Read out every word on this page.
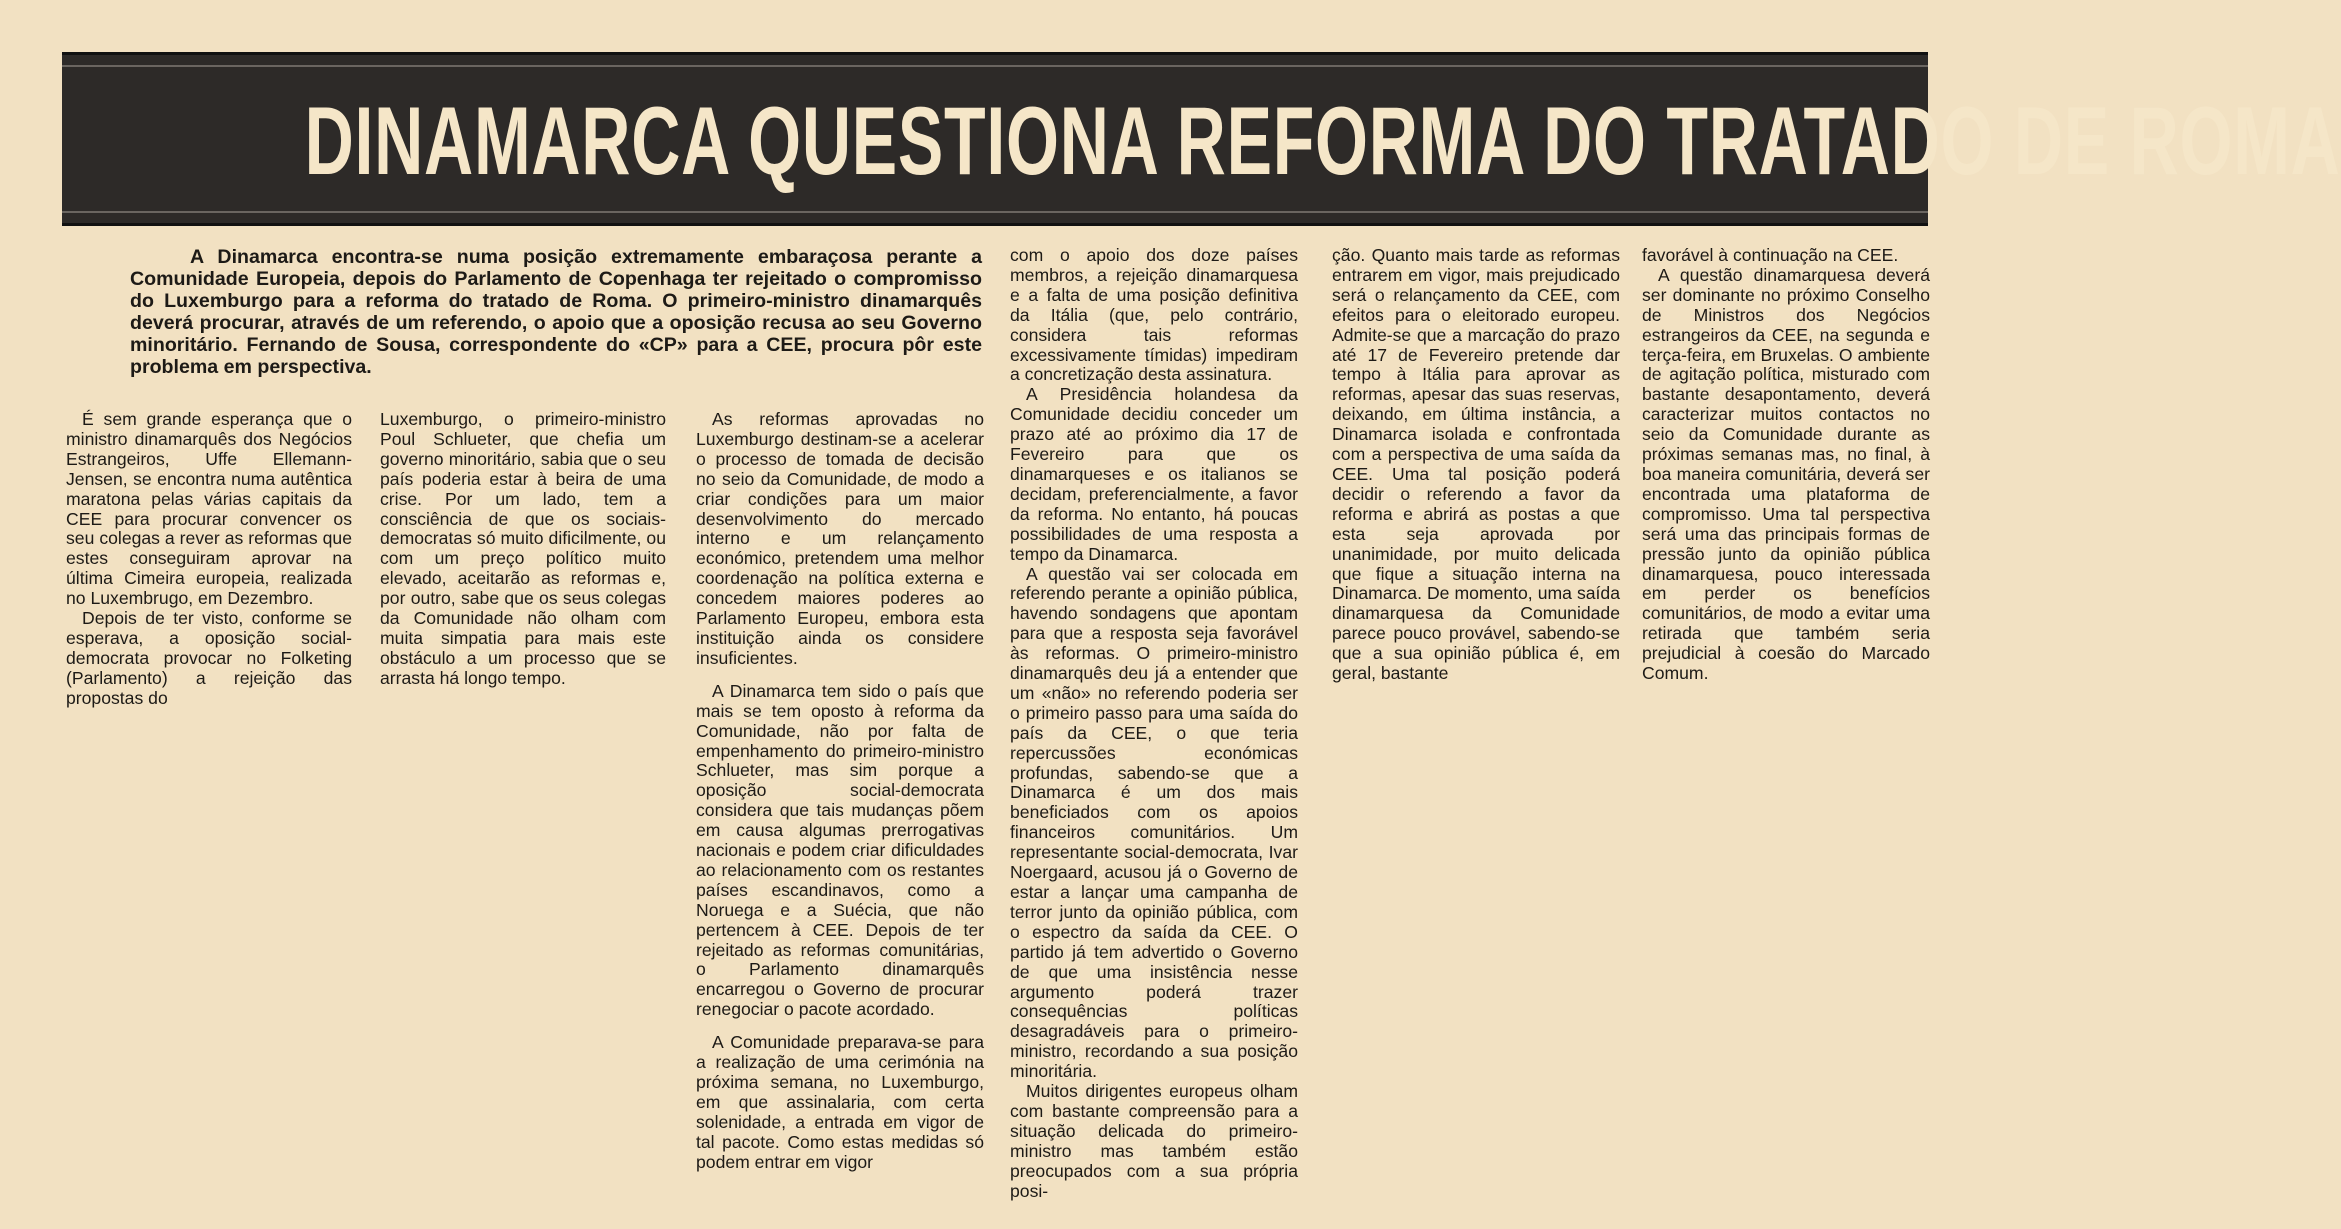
DINAMARCA QUESTIONA REFORMA DO TRATADO DE ROMA
A Dinamarca encontra-se numa posição extremamente embaraçosa perante a Comunidade Europeia, depois do Parlamento de Copenhaga ter rejeitado o compromisso do Luxemburgo para a reforma do tratado de Roma. O primeiro-ministro dinamarquês deverá procurar, através de um referendo, o apoio que a oposição recusa ao seu Governo minoritário. Fernando de Sousa, correspondente do «CP» para a CEE, procura pôr este problema em perspectiva.

É sem grande esperança que o ministro dinamarquês dos Negócios Estrangeiros, Uffe Ellemann-Jensen, se encontra numa autêntica maratona pelas várias capitais da CEE para procurar convencer os seu colegas a rever as reformas que estes conseguiram aprovar na última Cimeira europeia, realizada no Luxembrugo, em Dezembro.

Depois de ter visto, conforme se esperava, a oposição social-democrata provocar no Folketing (Parlamento) a rejeição das propostas do

Luxemburgo, o primeiro-ministro Poul Schlueter, que chefia um governo minoritário, sabia que o seu país poderia estar à beira de uma crise. Por um lado, tem a consciência de que os sociais-democratas só muito dificilmente, ou com um preço político muito elevado, aceitarão as reformas e, por outro, sabe que os seus colegas da Comunidade não olham com muita simpatia para mais este obstáculo a um processo que se arrasta há longo tempo.

As reformas aprovadas no Luxemburgo destinam-se a acelerar o processo de tomada de decisão no seio da Comunidade, de modo a criar condições para um maior desenvolvimento do mercado interno e um relançamento económico, pretendem uma melhor coordenação na política externa e concedem maiores poderes ao Parlamento Europeu, embora esta instituição ainda os considere insuficientes.

A Dinamarca tem sido o país que mais se tem oposto à reforma da Comunidade, não por falta de empenhamento do primeiro-ministro Schlueter, mas sim porque a oposição social-democrata considera que tais mudanças põem em causa algumas prerrogativas nacionais e podem criar dificuldades ao relacionamento com os restantes países escandinavos, como a Noruega e a Suécia, que não pertencem à CEE. Depois de ter rejeitado as reformas comunitárias, o Parlamento dinamarquês encarregou o Governo de procurar renegociar o pacote acordado.

A Comunidade preparava-se para a realização de uma cerimónia na próxima semana, no Luxemburgo, em que assinalaria, com certa solenidade, a entrada em vigor de tal pacote. Como estas medidas só podem entrar em vigor

com o apoio dos doze países membros, a rejeição dinamarquesa e a falta de uma posição definitiva da Itália (que, pelo contrário, considera tais reformas excessivamente tímidas) impediram a concretização desta assinatura.

A Presidência holandesa da Comunidade decidiu conceder um prazo até ao próximo dia 17 de Fevereiro para que os dinamarqueses e os italianos se decidam, preferencialmente, a favor da reforma. No entanto, há poucas possibilidades de uma resposta a tempo da Dinamarca.

A questão vai ser colocada em referendo perante a opinião pública, havendo sondagens que apontam para que a resposta seja favorável às reformas. O primeiro-ministro dinamarquês deu já a entender que um «não» no referendo poderia ser o primeiro passo para uma saída do país da CEE, o que teria repercussões económicas profundas, sabendo-se que a Dinamarca é um dos mais beneficiados com os apoios financeiros comunitários. Um representante social-democrata, Ivar Noergaard, acusou já o Governo de estar a lançar uma campanha de terror junto da opinião pública, com o espectro da saída da CEE. O partido já tem advertido o Governo de que uma insistência nesse argumento poderá trazer consequências políticas desagradáveis para o primeiro-ministro, recordando a sua posição minoritária.

Muitos dirigentes europeus olham com bastante compreensão para a situação delicada do primeiro-ministro mas também estão preocupados com a sua própria posi-

ção. Quanto mais tarde as reformas entrarem em vigor, mais prejudicado será o relançamento da CEE, com efeitos para o eleitorado europeu. Admite-se que a marcação do prazo até 17 de Fevereiro pretende dar tempo à Itália para aprovar as reformas, apesar das suas reservas, deixando, em última instância, a Dinamarca isolada e confrontada com a perspectiva de uma saída da CEE. Uma tal posição poderá decidir o referendo a favor da reforma e abrirá as postas a que esta seja aprovada por unanimidade, por muito delicada que fique a situação interna na Dinamarca. De momento, uma saída dinamarquesa da Comunidade parece pouco provável, sabendo-se que a sua opinião pública é, em geral, bastante

favorável à continuação na CEE.

A questão dinamarquesa deverá ser dominante no próximo Conselho de Ministros dos Negócios estrangeiros da CEE, na segunda e terça-feira, em Bruxelas. O ambiente de agitação política, misturado com bastante desapontamento, deverá caracterizar muitos contactos no seio da Comunidade durante as próximas semanas mas, no final, à boa maneira comunitária, deverá ser encontrada uma plataforma de compromisso. Uma tal perspectiva será uma das principais formas de pressão junto da opinião pública dinamarquesa, pouco interessada em perder os benefícios comunitários, de modo a evitar uma retirada que também seria prejudicial à coesão do Marcado Comum.
